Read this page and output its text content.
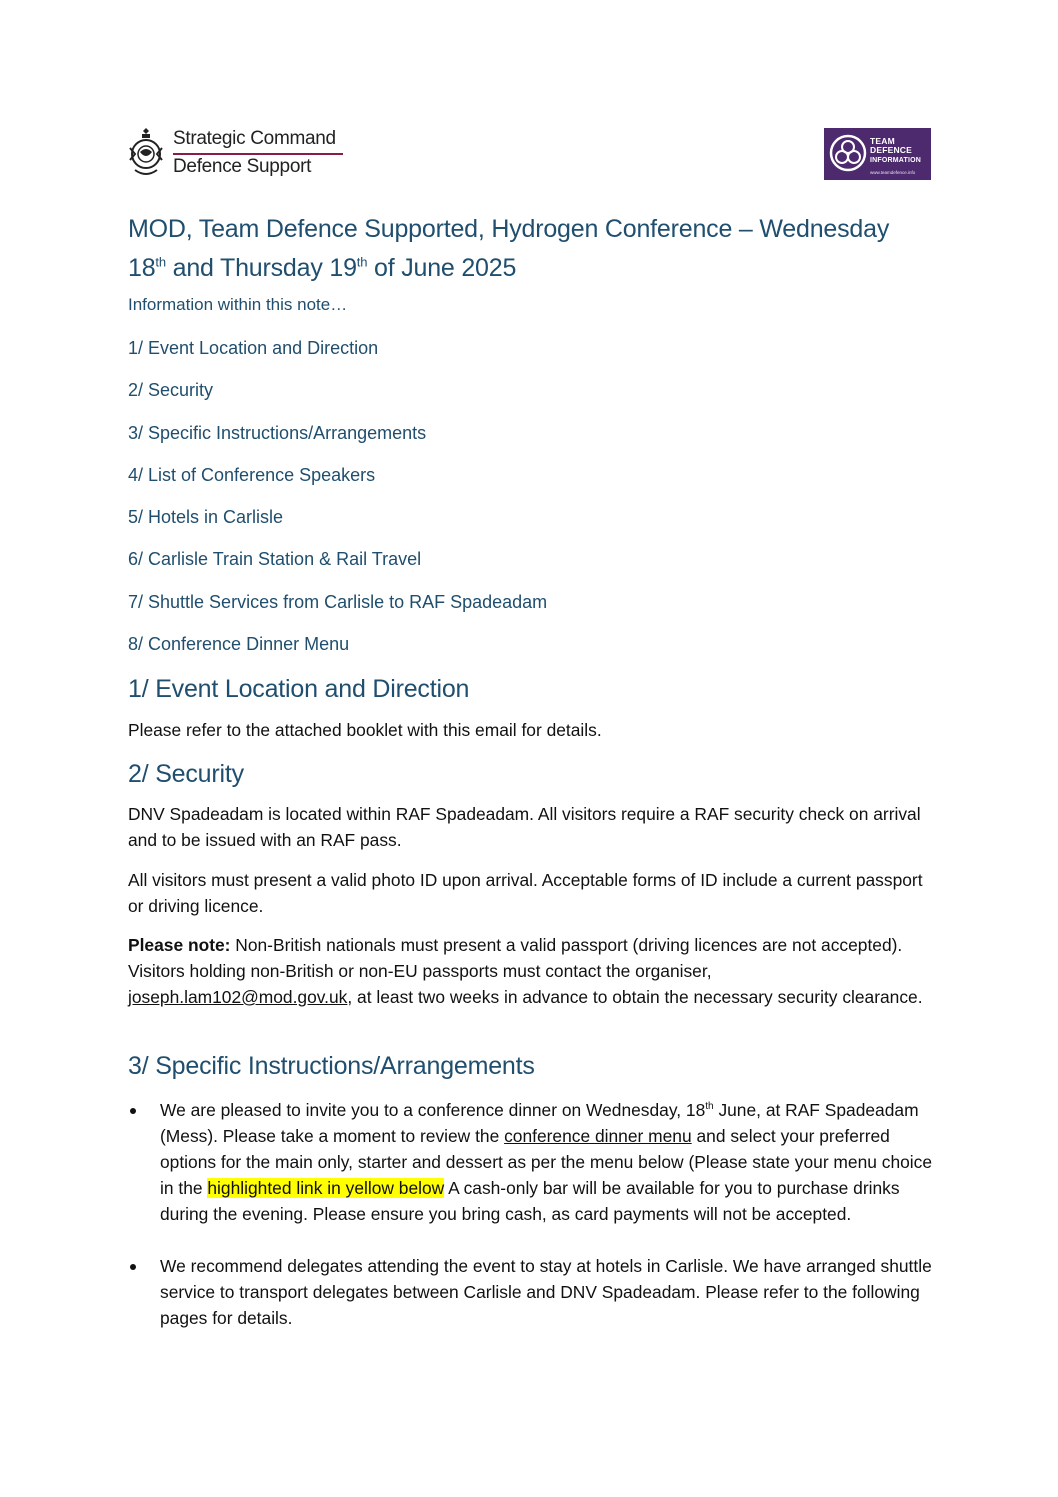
Strategic Command
Defence Support
TEAM
DEFENCE
INFORMATION
www.teamdefence.info
MOD, Team Defence Supported, Hydrogen Conference – Wednesday 18th and Thursday 19th of June 2025
Information within this note…
1/ Event Location and Direction
2/ Security
3/ Specific Instructions/Arrangements
4/ List of Conference Speakers
5/ Hotels in Carlisle
6/ Carlisle Train Station & Rail Travel
7/ Shuttle Services from Carlisle to RAF Spadeadam
8/ Conference Dinner Menu
1/ Event Location and Direction
Please refer to the attached booklet with this email for details.
2/ Security
DNV Spadeadam is located within RAF Spadeadam. All visitors require a RAF security check on arrival and to be issued with an RAF pass.
All visitors must present a valid photo ID upon arrival. Acceptable forms of ID include a current passport or driving licence.
Please note: Non-British nationals must present a valid passport (driving licences are not accepted). Visitors holding non-British or non-EU passports must contact the organiser, joseph.lam102@mod.gov.uk, at least two weeks in advance to obtain the necessary security clearance.
3/ Specific Instructions/Arrangements
We are pleased to invite you to a conference dinner on Wednesday, 18th June, at RAF Spadeadam (Mess). Please take a moment to review the conference dinner menu and select your preferred options for the main only, starter and dessert as per the menu below (Please state your menu choice in the highlighted link in yellow below A cash-only bar will be available for you to purchase drinks during the evening. Please ensure you bring cash, as card payments will not be accepted.
We recommend delegates attending the event to stay at hotels in Carlisle. We have arranged shuttle service to transport delegates between Carlisle and DNV Spadeadam. Please refer to the following pages for details.
